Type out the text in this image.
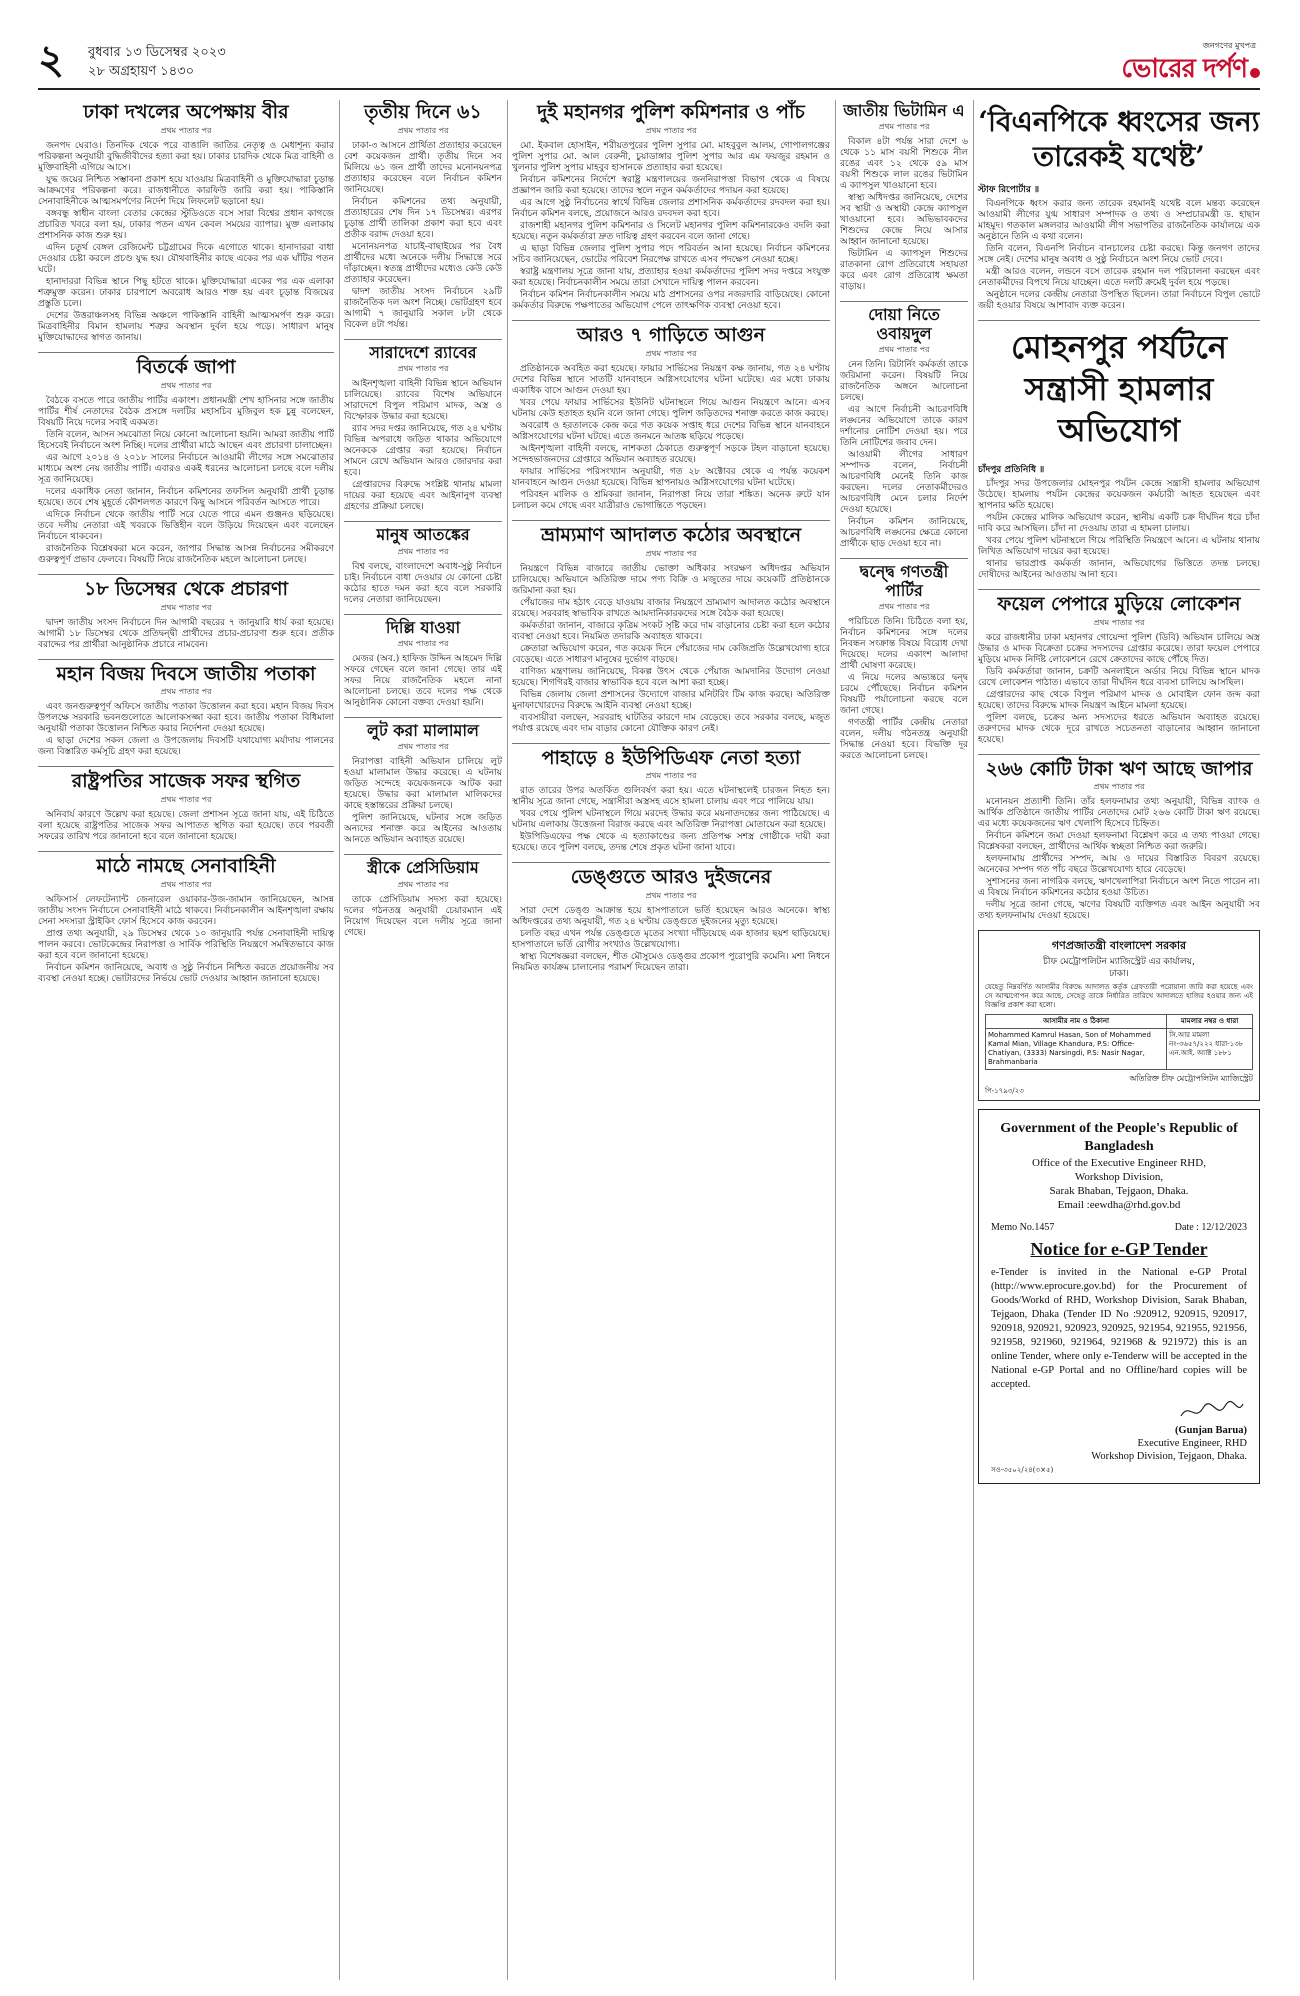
২	বুধবার ১৩ ডিসেম্বর ২০২৩
২৮ অগ্রহায়ণ ১৪৩০
জনগণের মুখপত্র
ভোরের দর্পণ
ঢাকা দখলের অপেক্ষায় বীর
প্রথম পাতার পর

জনপদ ঘেরাও। তিনদিক থেকে পরে বাঙালি জাতির নেতৃত্ব ও মেধাশূন্য করার পরিকল্পনা অনুযায়ী বুদ্ধিজীবীদের হত্যা করা হয়। ঢাকার চারদিক থেকে মিত্র বাহিনী ও মুক্তিবাহিনী এগিয়ে আসে।

যুদ্ধ জয়ের নিশ্চিত সম্ভাবনা প্রকাশ হয়ে যাওয়ায় মিত্রবাহিনী ও মুক্তিযোদ্ধারা চূড়ান্ত আক্রমণের পরিকল্পনা করে। রাজধানীতে কারফিউ জারি করা হয়। পাকিস্তানি সেনাবাহিনীকে আত্মসমর্পণের নির্দেশ দিয়ে লিফলেট ছড়ানো হয়।

বঙ্গবন্ধু স্বাধীন বাংলা বেতার কেন্দ্রের স্টুডিওতে বসে সারা বিশ্বের প্রধান কাগজে প্রচারিত খবরে বলা হয়, ঢাকার পতন এখন কেবল সময়ের ব্যাপার। মুক্ত এলাকায় প্রশাসনিক কাজ শুরু হয়।

এদিন চতুর্থ বেঙ্গল রেজিমেন্ট চট্টগ্রামের দিকে এগোতে থাকে। হানাদাররা বাধা দেওয়ার চেষ্টা করলে প্রচণ্ড যুদ্ধ হয়। যৌথবাহিনীর কাছে একের পর এক ঘাঁটির পতন ঘটে।

হানাদাররা বিভিন্ন স্থানে পিছু হটতে থাকে। মুক্তিযোদ্ধারা একের পর এক এলাকা শত্রুমুক্ত করেন। ঢাকার চারপাশে অবরোধ আরও শক্ত হয় এবং চূড়ান্ত বিজয়ের প্রস্তুতি চলে।

দেশের উত্তরাঞ্চলসহ বিভিন্ন অঞ্চলে পাকিস্তানি বাহিনী আত্মসমর্পণ শুরু করে। মিত্রবাহিনীর বিমান হামলায় শত্রুর অবস্থান দুর্বল হয়ে পড়ে। সাধারণ মানুষ মুক্তিযোদ্ধাদের স্বাগত জানায়।

বিতর্কে জাপা
প্রথম পাতার পর

বৈঠকে বসতে পারে জাতীয় পার্টির একাংশ। প্রধানমন্ত্রী শেখ হাসিনার সঙ্গে জাতীয় পার্টির শীর্ষ নেতাদের বৈঠক প্রসঙ্গে দলটির মহাসচিব মুজিবুল হক চুন্নু বলেছেন, বিষয়টি নিয়ে দলের সবাই একমত।

তিনি বলেন, আসন সমঝোতা নিয়ে কোনো আলোচনা হয়নি। আমরা জাতীয় পার্টি হিসেবেই নির্বাচনে অংশ নিচ্ছি। দলের প্রার্থীরা মাঠে আছেন এবং প্রচারণা চালাচ্ছেন।

এর আগে ২০১৪ ও ২০১৮ সালের নির্বাচনে আওয়ামী লীগের সঙ্গে সমঝোতার মাধ্যমে অংশ নেয় জাতীয় পার্টি। এবারও একই ধরনের আলোচনা চলছে বলে দলীয় সূত্র জানিয়েছে।

দলের একাধিক নেতা জানান, নির্বাচন কমিশনের তফসিল অনুযায়ী প্রার্থী চূড়ান্ত হয়েছে। তবে শেষ মুহূর্তে কৌশলগত কারণে কিছু আসনে পরিবর্তন আসতে পারে।

এদিকে নির্বাচন থেকে জাতীয় পার্টি সরে যেতে পারে এমন গুঞ্জনও ছড়িয়েছে। তবে দলীয় নেতারা এই খবরকে ভিত্তিহীন বলে উড়িয়ে দিয়েছেন এবং বলেছেন নির্বাচনে থাকবেন।

রাজনৈতিক বিশ্লেষকরা মনে করেন, জাপার সিদ্ধান্ত আসন্ন নির্বাচনের সমীকরণে গুরুত্বপূর্ণ প্রভাব ফেলবে। বিষয়টি নিয়ে রাজনৈতিক মহলে আলোচনা চলছে।

১৮ ডিসেম্বর থেকে প্রচারণা
প্রথম পাতার পর

দ্বাদশ জাতীয় সংসদ নির্বাচনে দিন আগামী বছরের ৭ জানুয়ারি ধার্য করা হয়েছে। আগামী ১৮ ডিসেম্বর থেকে প্রতিদ্বন্দ্বী প্রার্থীদের প্রচার-প্রচারণা শুরু হবে। প্রতীক বরাদ্দের পর প্রার্থীরা আনুষ্ঠানিক প্রচারে নামবেন।

মহান বিজয় দিবসে জাতীয় পতাকা
প্রথম পাতার পর

এবং জনগুরুত্বপূর্ণ অফিসে জাতীয় পতাকা উত্তোলন করা হবে। মহান বিজয় দিবস উপলক্ষে সরকারি ভবনগুলোতে আলোকসজ্জা করা হবে। জাতীয় পতাকা বিধিমালা অনুযায়ী পতাকা উত্তোলন নিশ্চিত করার নির্দেশনা দেওয়া হয়েছে।

এ ছাড়া দেশের সকল জেলা ও উপজেলায় দিবসটি যথাযোগ্য মর্যাদায় পালনের জন্য বিস্তারিত কর্মসূচি গ্রহণ করা হয়েছে।

রাষ্ট্রপতির সাজেক সফর স্থগিত
প্রথম পাতার পর

অনিবার্য কারণে উল্লেখ করা হয়েছে। জেলা প্রশাসন সূত্রে জানা যায়, এই চিঠিতে বলা হয়েছে রাষ্ট্রপতির সাজেক সফর আপাতত স্থগিত করা হয়েছে। তবে পরবর্তী সফরের তারিখ পরে জানানো হবে বলে জানানো হয়েছে।

মাঠে নামছে সেনাবাহিনী
প্রথম পাতার পর

অফিসার্স লেফটেন্যান্ট জেনারেল ওয়াকার-উজ-জামান জানিয়েছেন, আসন্ন জাতীয় সংসদ নির্বাচনে সেনাবাহিনী মাঠে থাকবে। নির্বাচনকালীন আইনশৃঙ্খলা রক্ষায় সেনা সদস্যরা স্ট্রাইকিং ফোর্স হিসেবে কাজ করবেন।

প্রাপ্ত তথ্য অনুযায়ী, ২৯ ডিসেম্বর থেকে ১০ জানুয়ারি পর্যন্ত সেনাবাহিনী দায়িত্ব পালন করবে। ভোটকেন্দ্রের নিরাপত্তা ও সার্বিক পরিস্থিতি নিয়ন্ত্রণে সমন্বিতভাবে কাজ করা হবে বলে জানানো হয়েছে।

নির্বাচন কমিশন জানিয়েছে, অবাধ ও সুষ্ঠু নির্বাচন নিশ্চিত করতে প্রয়োজনীয় সব ব্যবস্থা নেওয়া হচ্ছে। ভোটারদের নির্ভয়ে ভোট দেওয়ার আহ্বান জানানো হয়েছে।

তৃতীয় দিনে ৬১
প্রথম পাতার পর

ঢাকা-৩ আসনে প্রার্থিতা প্রত্যাহার করেছেন বেশ কয়েকজন প্রার্থী। তৃতীয় দিনে সব মিলিয়ে ৬১ জন প্রার্থী তাদের মনোনয়নপত্র প্রত্যাহার করেছেন বলে নির্বাচন কমিশন জানিয়েছে।

নির্বাচন কমিশনের তথ্য অনুযায়ী, প্রত্যাহারের শেষ দিন ১৭ ডিসেম্বর। এরপর চূড়ান্ত প্রার্থী তালিকা প্রকাশ করা হবে এবং প্রতীক বরাদ্দ দেওয়া হবে।

মনোনয়নপত্র যাচাই-বাছাইয়ের পর বৈধ প্রার্থীদের মধ্যে অনেকে দলীয় সিদ্ধান্তে সরে দাঁড়াচ্ছেন। স্বতন্ত্র প্রার্থীদের মধ্যেও কেউ কেউ প্রত্যাহার করেছেন।

দ্বাদশ জাতীয় সংসদ নির্বাচনে ২৯টি রাজনৈতিক দল অংশ নিচ্ছে। ভোটগ্রহণ হবে আগামী ৭ জানুয়ারি সকাল ৮টা থেকে বিকেল ৪টা পর্যন্ত।

সারাদেশে র‍্যাবের
প্রথম পাতার পর

আইনশৃঙ্খলা বাহিনী বিভিন্ন স্থানে অভিযান চালিয়েছে। র‍্যাবের বিশেষ অভিযানে সারাদেশে বিপুল পরিমাণ মাদক, অস্ত্র ও বিস্ফোরক উদ্ধার করা হয়েছে।

র‍্যাব সদর দপ্তর জানিয়েছে, গত ২৪ ঘণ্টায় বিভিন্ন অপরাধে জড়িত থাকার অভিযোগে অনেককে গ্রেপ্তার করা হয়েছে। নির্বাচন সামনে রেখে অভিযান আরও জোরদার করা হবে।

গ্রেপ্তারদের বিরুদ্ধে সংশ্লিষ্ট থানায় মামলা দায়ের করা হয়েছে এবং আইনানুগ ব্যবস্থা গ্রহণের প্রক্রিয়া চলছে।

মানুষ আতঙ্কের
প্রথম পাতার পর

বিশ্ব বলছে, বাংলাদেশে অবাধ-সুষ্ঠু নির্বাচন চাই। নির্বাচনে বাধা দেওয়ার যে কোনো চেষ্টা কঠোর হাতে দমন করা হবে বলে সরকারি দলের নেতারা জানিয়েছেন।

দিল্লি যাওয়া
প্রথম পাতার পর

মেজর (অব.) হাফিজ উদ্দিন আহমেদ দিল্লি সফরে গেছেন বলে জানা গেছে। তার এই সফর নিয়ে রাজনৈতিক মহলে নানা আলোচনা চলছে। তবে দলের পক্ষ থেকে আনুষ্ঠানিক কোনো বক্তব্য দেওয়া হয়নি।

লুট করা মালামাল
প্রথম পাতার পর

নিরাপত্তা বাহিনী অভিযান চালিয়ে লুট হওয়া মালামাল উদ্ধার করেছে। এ ঘটনায় জড়িত সন্দেহে কয়েকজনকে আটক করা হয়েছে। উদ্ধার করা মালামাল মালিকদের কাছে হস্তান্তরের প্রক্রিয়া চলছে।

পুলিশ জানিয়েছে, ঘটনার সঙ্গে জড়িত অন্যদের শনাক্ত করে আইনের আওতায় আনতে অভিযান অব্যাহত রয়েছে।

স্ত্রীকে প্রেসিডিয়াম
প্রথম পাতার পর

তাকে প্রেসিডিয়াম সদস্য করা হয়েছে। দলের গঠনতন্ত্র অনুযায়ী চেয়ারম্যান এই নিয়োগ দিয়েছেন বলে দলীয় সূত্রে জানা গেছে।

দুই মহানগর পুলিশ কমিশনার ও পাঁচ
প্রথম পাতার পর

মো. ইকবাল হোসাইন, শরীয়তপুরের পুলিশ সুপার মো. মাহবুবুল আলম, গোপালগঞ্জের পুলিশ সুপার মো. আল বেরুনী, চুয়াডাঙ্গার পুলিশ সুপার আর এম ফয়জুর রহমান ও খুলনার পুলিশ সুপার মাহবুব হাসানকে প্রত্যাহার করা হয়েছে।

নির্বাচন কমিশনের নির্দেশে স্বরাষ্ট্র মন্ত্রণালয়ের জননিরাপত্তা বিভাগ থেকে এ বিষয়ে প্রজ্ঞাপন জারি করা হয়েছে। তাদের স্থলে নতুন কর্মকর্তাদের পদায়ন করা হয়েছে।

এর আগে সুষ্ঠু নির্বাচনের স্বার্থে বিভিন্ন জেলার প্রশাসনিক কর্মকর্তাদের রদবদল করা হয়। নির্বাচন কমিশন বলছে, প্রয়োজনে আরও রদবদল করা হবে।

রাজশাহী মহানগর পুলিশ কমিশনার ও সিলেট মহানগর পুলিশ কমিশনারকেও বদলি করা হয়েছে। নতুন কর্মকর্তারা দ্রুত দায়িত্ব গ্রহণ করবেন বলে জানা গেছে।

এ ছাড়া বিভিন্ন জেলার পুলিশ সুপার পদে পরিবর্তন আনা হয়েছে। নির্বাচন কমিশনের সচিব জানিয়েছেন, ভোটের পরিবেশ নিরপেক্ষ রাখতে এসব পদক্ষেপ নেওয়া হচ্ছে।

স্বরাষ্ট্র মন্ত্রণালয় সূত্রে জানা যায়, প্রত্যাহার হওয়া কর্মকর্তাদের পুলিশ সদর দপ্তরে সংযুক্ত করা হয়েছে। নির্বাচনকালীন সময়ে তারা সেখানে দায়িত্ব পালন করবেন।

নির্বাচন কমিশন নির্বাচনকালীন সময়ে মাঠ প্রশাসনের ওপর নজরদারি বাড়িয়েছে। কোনো কর্মকর্তার বিরুদ্ধে পক্ষপাতের অভিযোগ পেলে তাৎক্ষণিক ব্যবস্থা নেওয়া হবে।

আরও ৭ গাড়িতে আগুন
প্রথম পাতার পর

প্রতিষ্ঠানকে অবহিত করা হয়েছে। ফায়ার সার্ভিসের নিয়ন্ত্রণ কক্ষ জানায়, গত ২৪ ঘণ্টায় দেশের বিভিন্ন স্থানে সাতটি যানবাহনে অগ্নিসংযোগের ঘটনা ঘটেছে। এর মধ্যে ঢাকায় একাধিক বাসে আগুন দেওয়া হয়।

খবর পেয়ে ফায়ার সার্ভিসের ইউনিট ঘটনাস্থলে গিয়ে আগুন নিয়ন্ত্রণে আনে। এসব ঘটনায় কেউ হতাহত হয়নি বলে জানা গেছে। পুলিশ জড়িতদের শনাক্ত করতে কাজ করছে।

অবরোধ ও হরতালকে কেন্দ্র করে গত কয়েক সপ্তাহ ধরে দেশের বিভিন্ন স্থানে যানবাহনে অগ্নিসংযোগের ঘটনা ঘটছে। এতে জনমনে আতঙ্ক ছড়িয়ে পড়েছে।

আইনশৃঙ্খলা বাহিনী বলছে, নাশকতা ঠেকাতে গুরুত্বপূর্ণ সড়কে টহল বাড়ানো হয়েছে। সন্দেহভাজনদের গ্রেপ্তারে অভিযান অব্যাহত রয়েছে।

ফায়ার সার্ভিসের পরিসংখ্যান অনুযায়ী, গত ২৮ অক্টোবর থেকে এ পর্যন্ত কয়েকশ যানবাহনে আগুন দেওয়া হয়েছে। বিভিন্ন স্থাপনায়ও অগ্নিসংযোগের ঘটনা ঘটেছে।

পরিবহন মালিক ও শ্রমিকরা জানান, নিরাপত্তা নিয়ে তারা শঙ্কিত। অনেক রুটে যান চলাচল কমে গেছে এবং যাত্রীরাও ভোগান্তিতে পড়ছেন।

ভ্রাম্যমাণ আদালত কঠোর অবস্থানে
প্রথম পাতার পর

নিয়ন্ত্রণে বিভিন্ন বাজারে জাতীয় ভোক্তা অধিকার সংরক্ষণ অধিদপ্তর অভিযান চালিয়েছে। অভিযানে অতিরিক্ত দামে পণ্য বিক্রি ও মজুতের দায়ে কয়েকটি প্রতিষ্ঠানকে জরিমানা করা হয়।

পেঁয়াজের দাম হঠাৎ বেড়ে যাওয়ায় বাজার নিয়ন্ত্রণে ভ্রাম্যমাণ আদালত কঠোর অবস্থানে রয়েছে। সরবরাহ স্বাভাবিক রাখতে আমদানিকারকদের সঙ্গে বৈঠক করা হয়েছে।

কর্মকর্তারা জানান, বাজারে কৃত্রিম সংকট সৃষ্টি করে দাম বাড়ানোর চেষ্টা করা হলে কঠোর ব্যবস্থা নেওয়া হবে। নিয়মিত তদারকি অব্যাহত থাকবে।

ক্রেতারা অভিযোগ করেন, গত কয়েক দিনে পেঁয়াজের দাম কেজিপ্রতি উল্লেখযোগ্য হারে বেড়েছে। এতে সাধারণ মানুষের দুর্ভোগ বাড়ছে।

বাণিজ্য মন্ত্রণালয় জানিয়েছে, বিকল্প উৎস থেকে পেঁয়াজ আমদানির উদ্যোগ নেওয়া হয়েছে। শিগগিরই বাজার স্বাভাবিক হবে বলে আশা করা হচ্ছে।

বিভিন্ন জেলায় জেলা প্রশাসনের উদ্যোগে বাজার মনিটরিং টিম কাজ করছে। অতিরিক্ত মুনাফাখোরদের বিরুদ্ধে আইনি ব্যবস্থা নেওয়া হচ্ছে।

ব্যবসায়ীরা বলছেন, সরবরাহ ঘাটতির কারণে দাম বেড়েছে। তবে সরকার বলছে, মজুত পর্যাপ্ত রয়েছে এবং দাম বাড়ার কোনো যৌক্তিক কারণ নেই।

পাহাড়ে ৪ ইউপিডিএফ নেতা হত্যা
প্রথম পাতার পর

রাত তারের উপর অতর্কিত গুলিবর্ষণ করা হয়। এতে ঘটনাস্থলেই চারজন নিহত হন। স্থানীয় সূত্রে জানা গেছে, সন্ত্রাসীরা অস্ত্রসহ এসে হামলা চালায় এবং পরে পালিয়ে যায়।

খবর পেয়ে পুলিশ ঘটনাস্থলে গিয়ে মরদেহ উদ্ধার করে ময়নাতদন্তের জন্য পাঠিয়েছে। এ ঘটনায় এলাকায় উত্তেজনা বিরাজ করছে এবং অতিরিক্ত নিরাপত্তা মোতায়েন করা হয়েছে।

ইউপিডিএফের পক্ষ থেকে এ হত্যাকাণ্ডের জন্য প্রতিপক্ষ সশস্ত্র গোষ্ঠীকে দায়ী করা হয়েছে। তবে পুলিশ বলছে, তদন্ত শেষে প্রকৃত ঘটনা জানা যাবে।

ডেঙ্গুতে আরও দুইজনের
প্রথম পাতার পর

সারা দেশে ডেঙ্গু আক্রান্ত হয়ে হাসপাতালে ভর্তি হয়েছেন আরও অনেকে। স্বাস্থ্য অধিদপ্তরের তথ্য অনুযায়ী, গত ২৪ ঘণ্টায় ডেঙ্গুতে দুইজনের মৃত্যু হয়েছে।

চলতি বছর এখন পর্যন্ত ডেঙ্গুতে মৃতের সংখ্যা দাঁড়িয়েছে এক হাজার ছয়শ ছাড়িয়েছে। হাসপাতালে ভর্তি রোগীর সংখ্যাও উল্লেখযোগ্য।

স্বাস্থ্য বিশেষজ্ঞরা বলছেন, শীত মৌসুমেও ডেঙ্গুর প্রকোপ পুরোপুরি কমেনি। মশা নিধনে নিয়মিত কার্যক্রম চালানোর পরামর্শ দিয়েছেন তারা।

জাতীয় ভিটামিন এ
প্রথম পাতার পর

বিকাল ৪টা পর্যন্ত সারা দেশে ৬ থেকে ১১ মাস বয়সী শিশুকে নীল রঙের এবং ১২ থেকে ৫৯ মাস বয়সী শিশুকে লাল রঙের ভিটামিন এ ক্যাপসুল খাওয়ানো হবে।

স্বাস্থ্য অধিদপ্তর জানিয়েছে, দেশের সব স্থায়ী ও অস্থায়ী কেন্দ্রে ক্যাপসুল খাওয়ানো হবে। অভিভাবকদের শিশুদের কেন্দ্রে নিয়ে আসার আহ্বান জানানো হয়েছে।

ভিটামিন এ ক্যাপসুল শিশুদের রাতকানা রোগ প্রতিরোধে সহায়তা করে এবং রোগ প্রতিরোধ ক্ষমতা বাড়ায়।

দোয়া নিতে ওবায়দুল
প্রথম পাতার পর

নেন তিনি। রিটার্নিং কর্মকর্তা তাকে জরিমানা করেন। বিষয়টি নিয়ে রাজনৈতিক অঙ্গনে আলোচনা চলছে।

এর আগে নির্বাচনী আচরণবিধি লঙ্ঘনের অভিযোগে তাকে কারণ দর্শানোর নোটিশ দেওয়া হয়। পরে তিনি নোটিশের জবাব দেন।

আওয়ামী লীগের সাধারণ সম্পাদক বলেন, নির্বাচনী আচরণবিধি মেনেই তিনি কাজ করছেন। দলের নেতাকর্মীদেরও আচরণবিধি মেনে চলার নির্দেশ দেওয়া হয়েছে।

নির্বাচন কমিশন জানিয়েছে, আচরণবিধি লঙ্ঘনের ক্ষেত্রে কোনো প্রার্থীকে ছাড় দেওয়া হবে না।

দ্বন্দ্বে গণতন্ত্রী পার্টির
প্রথম পাতার পর

পরিচিতে তিনি। চিঠিতে বলা হয়, নির্বাচন কমিশনের সঙ্গে দলের নিবন্ধন সংক্রান্ত বিষয়ে বিরোধ দেখা দিয়েছে। দলের একাংশ আলাদা প্রার্থী ঘোষণা করেছে।

এ নিয়ে দলের অভ্যন্তরে দ্বন্দ্ব চরমে পৌঁছেছে। নির্বাচন কমিশন বিষয়টি পর্যালোচনা করছে বলে জানা গেছে।

গণতন্ত্রী পার্টির কেন্দ্রীয় নেতারা বলেন, দলীয় গঠনতন্ত্র অনুযায়ী সিদ্ধান্ত নেওয়া হবে। বিভক্তি দূর করতে আলোচনা চলছে।

‘বিএনপিকে ধ্বংসের জন্য তারেকই যথেষ্ট’
স্টাফ রিপোর্টার ॥

বিএনপিকে ধ্বংস করার জন্য তারেক রহমানই যথেষ্ট বলে মন্তব্য করেছেন আওয়ামী লীগের যুগ্ম সাধারণ সম্পাদক ও তথ্য ও সম্প্রচারমন্ত্রী ড. হাছান মাহমুদ। গতকাল মঙ্গলবার আওয়ামী লীগ সভাপতির রাজনৈতিক কার্যালয়ে এক অনুষ্ঠানে তিনি এ কথা বলেন।

তিনি বলেন, বিএনপি নির্বাচন বানচালের চেষ্টা করছে। কিন্তু জনগণ তাদের সঙ্গে নেই। দেশের মানুষ অবাধ ও সুষ্ঠু নির্বাচনে অংশ নিয়ে ভোট দেবে।

মন্ত্রী আরও বলেন, লন্ডনে বসে তারেক রহমান দল পরিচালনা করছেন এবং নেতাকর্মীদের বিপথে নিয়ে যাচ্ছেন। এতে দলটি ক্রমেই দুর্বল হয়ে পড়ছে।

অনুষ্ঠানে দলের কেন্দ্রীয় নেতারা উপস্থিত ছিলেন। তারা নির্বাচনে বিপুল ভোটে জয়ী হওয়ার বিষয়ে আশাবাদ ব্যক্ত করেন।

মোহনপুর পর্যটনে সন্ত্রাসী হামলার অভিযোগ
চাঁদপুর প্রতিনিধি ॥

চাঁদপুর সদর উপজেলার মোহনপুর পর্যটন কেন্দ্রে সন্ত্রাসী হামলার অভিযোগ উঠেছে। হামলায় পর্যটন কেন্দ্রের কয়েকজন কর্মচারী আহত হয়েছেন এবং স্থাপনার ক্ষতি হয়েছে।

পর্যটন কেন্দ্রের মালিক অভিযোগ করেন, স্থানীয় একটি চক্র দীর্ঘদিন ধরে চাঁদা দাবি করে আসছিল। চাঁদা না দেওয়ায় তারা এ হামলা চালায়।

খবর পেয়ে পুলিশ ঘটনাস্থলে গিয়ে পরিস্থিতি নিয়ন্ত্রণে আনে। এ ঘটনায় থানায় লিখিত অভিযোগ দায়ের করা হয়েছে।

থানার ভারপ্রাপ্ত কর্মকর্তা জানান, অভিযোগের ভিত্তিতে তদন্ত চলছে। দোষীদের আইনের আওতায় আনা হবে।

ফয়েল পেপারে মুড়িয়ে লোকেশন
প্রথম পাতার পর

করে রাজধানীর ঢাকা মহানগর গোয়েন্দা পুলিশ (ডিবি) অভিযান চালিয়ে অস্ত্র উদ্ধার ও মাদক বিক্রেতা চক্রের সদস্যদের গ্রেপ্তার করেছে। তারা ফয়েল পেপারে মুড়িয়ে মাদক নির্দিষ্ট লোকেশনে রেখে ক্রেতাদের কাছে পৌঁছে দিত।

ডিবি কর্মকর্তারা জানান, চক্রটি অনলাইনে অর্ডার নিয়ে বিভিন্ন স্থানে মাদক রেখে লোকেশন পাঠাত। এভাবে তারা দীর্ঘদিন ধরে ব্যবসা চালিয়ে আসছিল।

গ্রেপ্তারদের কাছ থেকে বিপুল পরিমাণ মাদক ও মোবাইল ফোন জব্দ করা হয়েছে। তাদের বিরুদ্ধে মাদক নিয়ন্ত্রণ আইনে মামলা হয়েছে।

পুলিশ বলছে, চক্রের অন্য সদস্যদের ধরতে অভিযান অব্যাহত রয়েছে। তরুণদের মাদক থেকে দূরে রাখতে সচেতনতা বাড়ানোর আহ্বান জানানো হয়েছে।

২৬৬ কোটি টাকা ঋণ আছে জাপার
প্রথম পাতার পর

মনোনয়ন প্রত্যাশী তিনি। তাঁর হলফনামার তথ্য অনুযায়ী, বিভিন্ন ব্যাংক ও আর্থিক প্রতিষ্ঠানে জাতীয় পার্টির নেতাদের মোট ২৬৬ কোটি টাকা ঋণ রয়েছে। এর মধ্যে কয়েকজনের ঋণ খেলাপি হিসেবে চিহ্নিত।

নির্বাচন কমিশনে জমা দেওয়া হলফনামা বিশ্লেষণ করে এ তথ্য পাওয়া গেছে। বিশ্লেষকরা বলছেন, প্রার্থীদের আর্থিক স্বচ্ছতা নিশ্চিত করা জরুরি।

হলফনামায় প্রার্থীদের সম্পদ, আয় ও দায়ের বিস্তারিত বিবরণ রয়েছে। অনেকের সম্পদ গত পাঁচ বছরে উল্লেখযোগ্য হারে বেড়েছে।

সুশাসনের জন্য নাগরিক বলছে, ঋণখেলাপিরা নির্বাচনে অংশ নিতে পারেন না। এ বিষয়ে নির্বাচন কমিশনের কঠোর হওয়া উচিত।

দলীয় সূত্রে জানা গেছে, ঋণের বিষয়টি ব্যক্তিগত এবং আইন অনুযায়ী সব তথ্য হলফনামায় দেওয়া হয়েছে।

গণপ্রজাতন্ত্রী বাংলাদেশ সরকার
চীফ মেট্রোপলিটন ম্যাজিস্ট্রেট এর কার্যালয়,
ঢাকা।
যেহেতু নিম্নবর্ণিত আসামীর বিরুদ্ধে আদালত কর্তৃক গ্রেফতারী পরোয়ানা জারি করা হয়েছে এবং সে আত্মগোপন করে আছে, সেহেতু তাকে নির্ধারিত তারিখে আদালতে হাজির হওয়ার জন্য এই বিজ্ঞপ্তি প্রকাশ করা হলো।
আসামীর নাম ও ঠিকানা	মামলার নম্বর ও ধারা
Mohammed Kamrul Hasan, Son of Mohammed Kamal Mian, Village Khandura, P.S: Office-Chatiyan, (3333) Narsingdi, P.S: Nasir Nagar, Brahmanbaria	সি.আর মামলা নং-৩৬৫৭/২২২ ধারা-১৩৮ এন.আই. অ্যাক্ট ১৮৮১
অতিরিক্ত চীফ মেট্রোপলিটন ম্যাজিস্ট্রেট
পি-১৭৯৩/২৩
Government of the People's Republic of Bangladesh
Office of the Executive Engineer RHD,
Workshop Division,
Sarak Bhaban, Tejgaon, Dhaka.
Email :eewdha@rhd.gov.bd
Memo No.1457	Date : 12/12/2023
Notice for e-GP Tender
e-Tender is invited in the National e-GP Protal (http://www.eprocure.gov.bd) for the Procurement of Goods/Workd of RHD, Workshop Division, Sarak Bhaban, Tejgaon, Dhaka (Tender ID No :920912, 920915, 920917, 920918, 920921, 920923, 920925, 921954, 921955, 921956, 921958, 921960, 921964, 921968 & 921972) this is an online Tender, where only e-Tenderw will be accepted in the National e-GP Portal and no Offline/hard copies will be accepted.
(Gunjan Barua)
Executive Engineer, RHD
Workshop Division, Tejgaon, Dhaka.
সও-৩৫০২/২৪(৩×৫)
